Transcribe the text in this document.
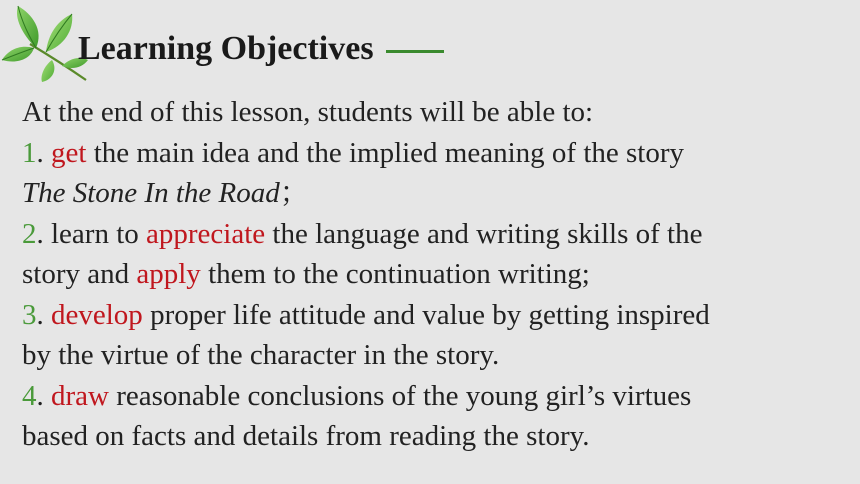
Learning Objectives
At the end of this lesson, students will be able to:
1. get the main idea and the implied meaning of the story
The Stone In the Road；
2. learn to appreciate the language and writing skills of the
story and apply them to the continuation writing;
3. develop proper life attitude and value by getting inspired
by the virtue of the character in the story.
4. draw reasonable conclusions of the young girl’s virtues
based on facts and details from reading the story.
